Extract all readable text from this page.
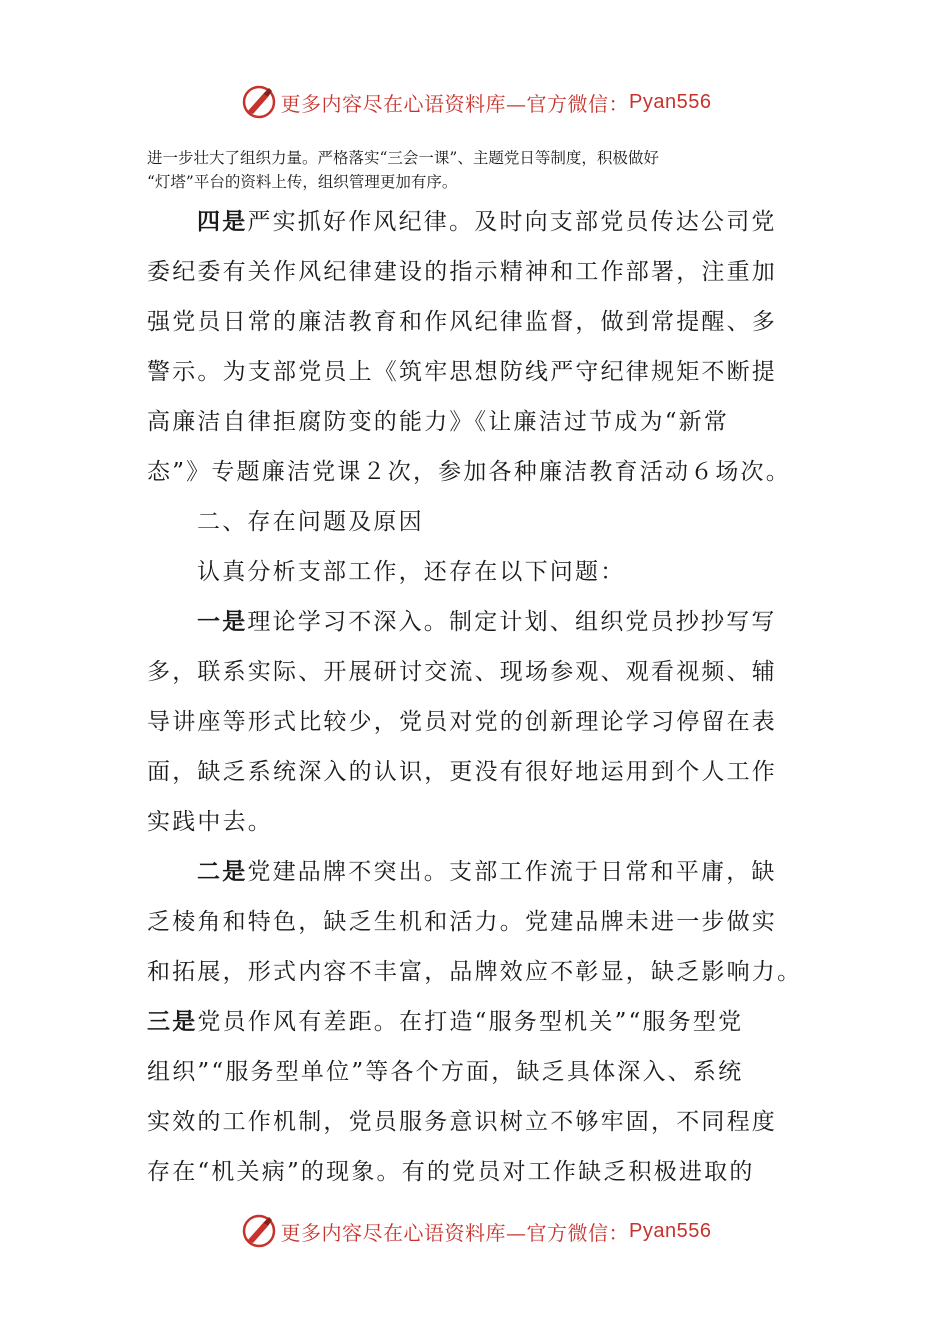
更多内容尽在心语资料库—官方微信： Pyan556
进一步壮大了组织力量。严格落实“三会一课”、主题党日等制度，积极做好
“灯塔”平台的资料上传，组织管理更加有序。
四是严实抓好作风纪律。及时向支部党员传达公司党
委纪委有关作风纪律建设的指示精神和工作部署，注重加
强党员日常的廉洁教育和作风纪律监督，做到常提醒、多
警示。为支部党员上《筑牢思想防线严守纪律规矩不断提
高廉洁自律拒腐防变的能力》《让廉洁过节成为“新常
态”》专题廉洁党课２次，参加各种廉洁教育活动６场次。
二、存在问题及原因
认真分析支部工作，还存在以下问题：
一是理论学习不深入。制定计划、组织党员抄抄写写
多，联系实际、开展研讨交流、现场参观、观看视频、辅
导讲座等形式比较少，党员对党的创新理论学习停留在表
面，缺乏系统深入的认识，更没有很好地运用到个人工作
实践中去。
二是党建品牌不突出。支部工作流于日常和平庸，缺
乏棱角和特色，缺乏生机和活力。党建品牌未进一步做实
和拓展，形式内容不丰富，品牌效应不彰显，缺乏影响力。
三是党员作风有差距。在打造“服务型机关”“服务型党
组织”“服务型单位”等各个方面，缺乏具体深入、系统
实效的工作机制，党员服务意识树立不够牢固，不同程度
存在“机关病”的现象。有的党员对工作缺乏积极进取的
更多内容尽在心语资料库—官方微信： Pyan556
